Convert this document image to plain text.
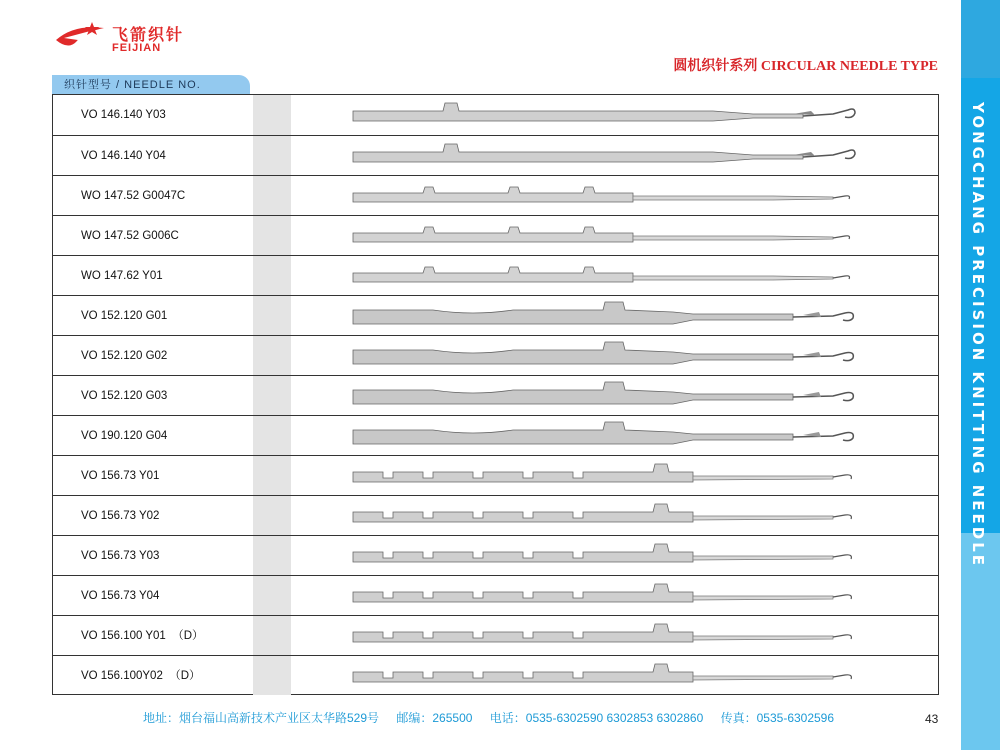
飞箭织针
FEIJIAN
圆机织针系列 CIRCULAR NEEDLE TYPE
织针型号 / NEEDLE NO.
VO 146.140 Y03
VO 146.140 Y04
WO 147.52 G0047C
WO 147.52 G006C
WO 147.62 Y01
VO 152.120 G01
VO 152.120 G02
VO 152.120 G03
VO 190.120 G04
VO 156.73 Y01
VO 156.73 Y02
VO 156.73 Y03
VO 156.73 Y04
VO 156.100 Y01  （D）
VO 156.100Y02  （D）
YONGCHANG PRECISION KNITTING NEEDLE
地址：烟台福山高新技术产业区太华路529号 邮编：265500 电话：0535-6302590 6302853 6302860 传真：0535-6302596	43
